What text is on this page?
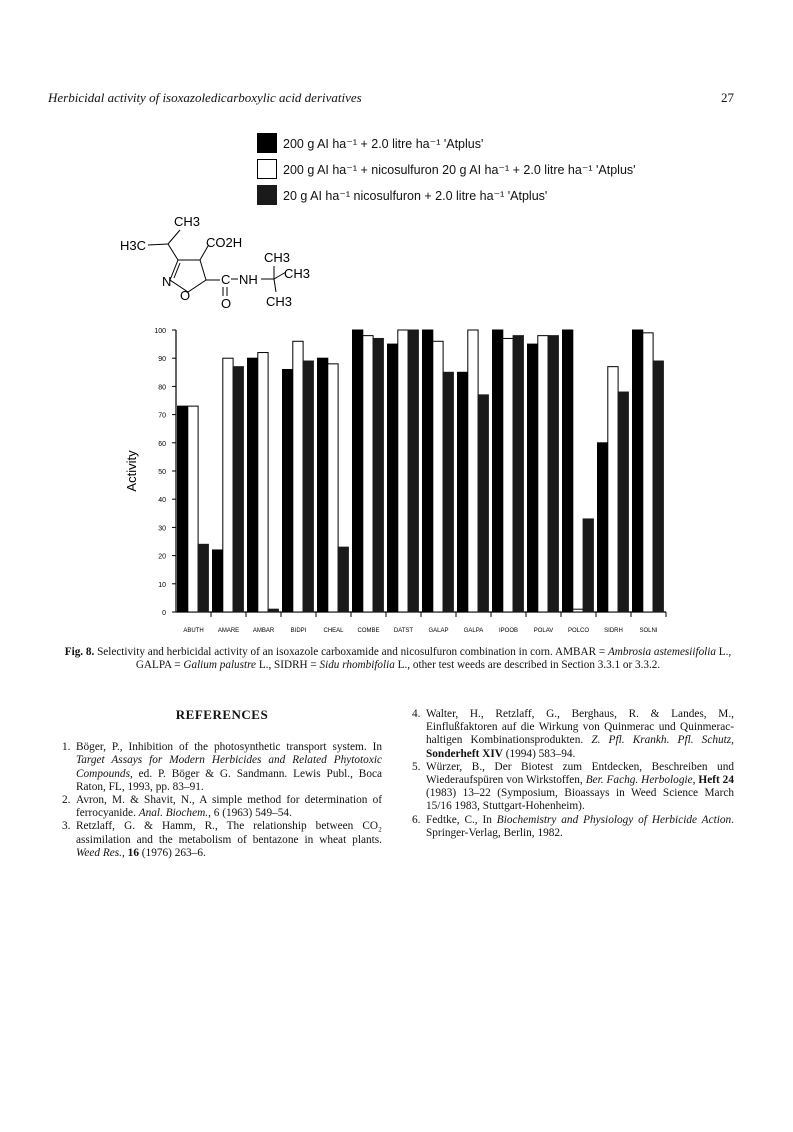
Herbicidal activity of isoxazoledicarboxylic acid derivatives	27
200 g AI ha⁻¹ + 2.0 litre ha⁻¹ 'Atplus'
200 g AI ha⁻¹ + nicosulfuron 20 g AI ha⁻¹ + 2.0 litre ha⁻¹ 'Atplus'
20 g AI ha⁻¹ nicosulfuron + 2.0 litre ha⁻¹ 'Atplus'
CH3
H3C	CO2H
N
O
C
O
NH
CH3
CH3
CH3
0
10
20
30
40
50
60
70
80
90
100
Activity
ABUTH AMARE AMBAR	BIDPI	CHEAL COMBE DATST	GALAP	GALPA	IPOOB	POLAV POLCO	SIDRH	SOLNI
Fig. 8. Selectivity and herbicidal activity of an isoxazole carboxamide and nicosulfuron combination in corn. AMBAR = Ambrosia astemesiifolia L., GALPA = Galium palustre L., SIDRH = Sidu rhombifolia L., other test weeds are described in Section 3.3.1 or 3.3.2.
REFERENCES
1. Böger, P., Inhibition of the photosynthetic transport system. In Target Assays for Modern Herbicides and Related Phytotoxic Compounds, ed. P. Böger & G. Sandmann. Lewis Publ., Boca Raton, FL, 1993, pp. 83–91.
2. Avron, M. & Shavit, N., A simple method for determination of ferrocyanide. Anal. Biochem., 6 (1963) 549–54.
3. Retzlaff, G. & Hamm, R., The relationship between CO₂ assimilation and the metabolism of bentazone in wheat plants. Weed Res., 16 (1976) 263–6.
4. Walter, H., Retzlaff, G., Berghaus, R. & Landes, M., Einflußfaktoren auf die Wirkung von Quinmerac und Quinmerac-haltigen Kombinationsprodukten. Z. Pfl. Krankh. Pfl. Schutz, Sonderheft XIV (1994) 583–94.
5. Würzer, B., Der Biotest zum Entdecken, Beschreiben und Wiederaufspüren von Wirkstoffen, Ber. Fachg. Herbologie, Heft 24 (1983) 13–22 (Symposium, Bioassays in Weed Science March 15/16 1983, Stuttgart-Hohenheim).
6. Fedtke, C., In Biochemistry and Physiology of Herbicide Action. Springer-Verlag, Berlin, 1982.
